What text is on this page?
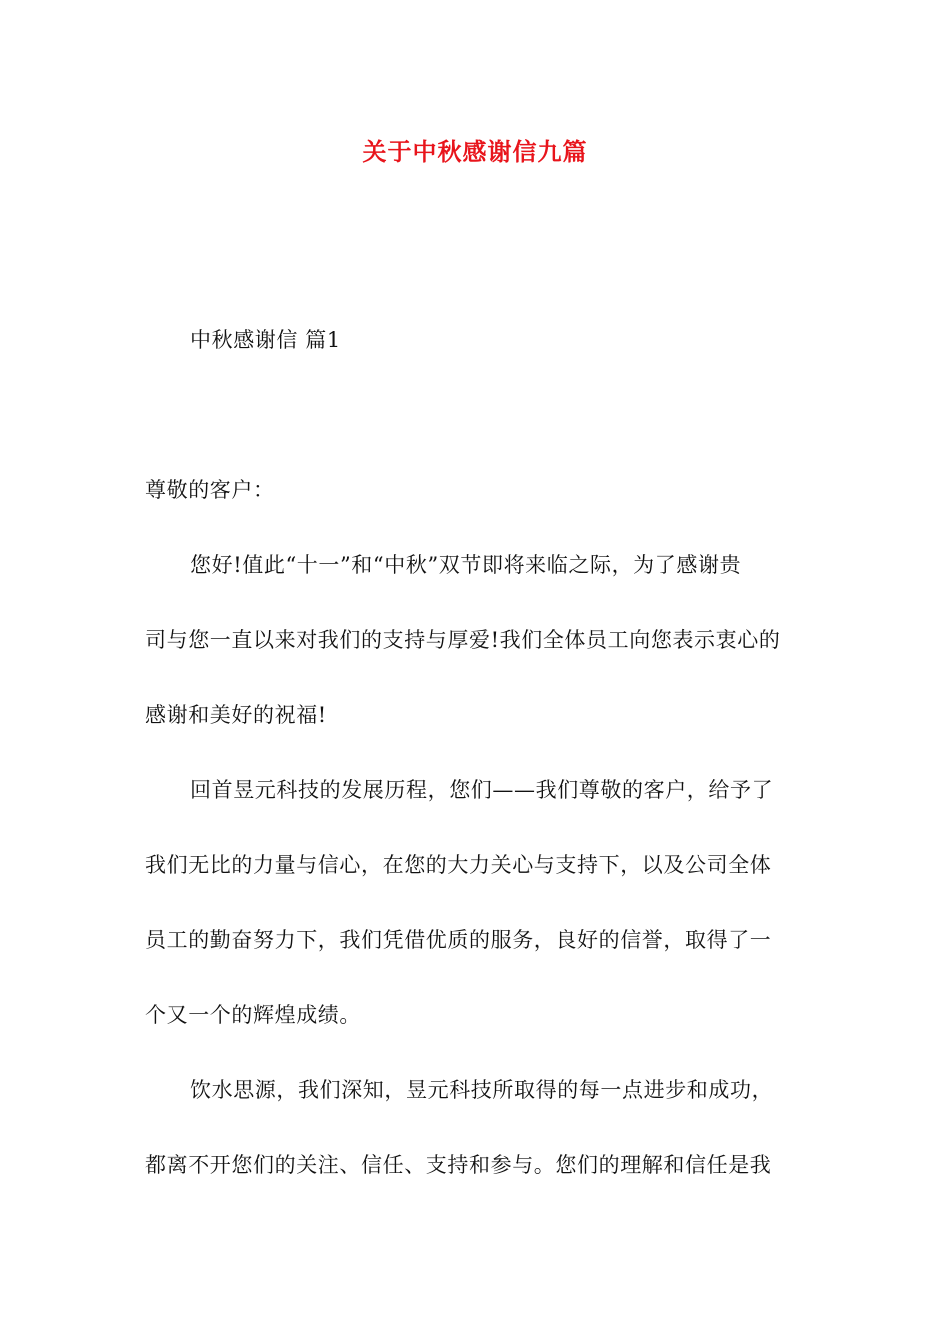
关于中秋感谢信九篇
中秋感谢信 篇1
尊敬的客户：
您好!值此“十一”和“中秋”双节即将来临之际，为了感谢贵
司与您一直以来对我们的支持与厚爱!我们全体员工向您表示衷心的
感谢和美好的祝福!
回首昱元科技的发展历程，您们——我们尊敬的客户，给予了
我们无比的力量与信心，在您的大力关心与支持下，以及公司全体
员工的勤奋努力下，我们凭借优质的服务，良好的信誉，取得了一
个又一个的辉煌成绩。
饮水思源，我们深知，昱元科技所取得的每一点进步和成功，
都离不开您们的关注、信任、支持和参与。您们的理解和信任是我
